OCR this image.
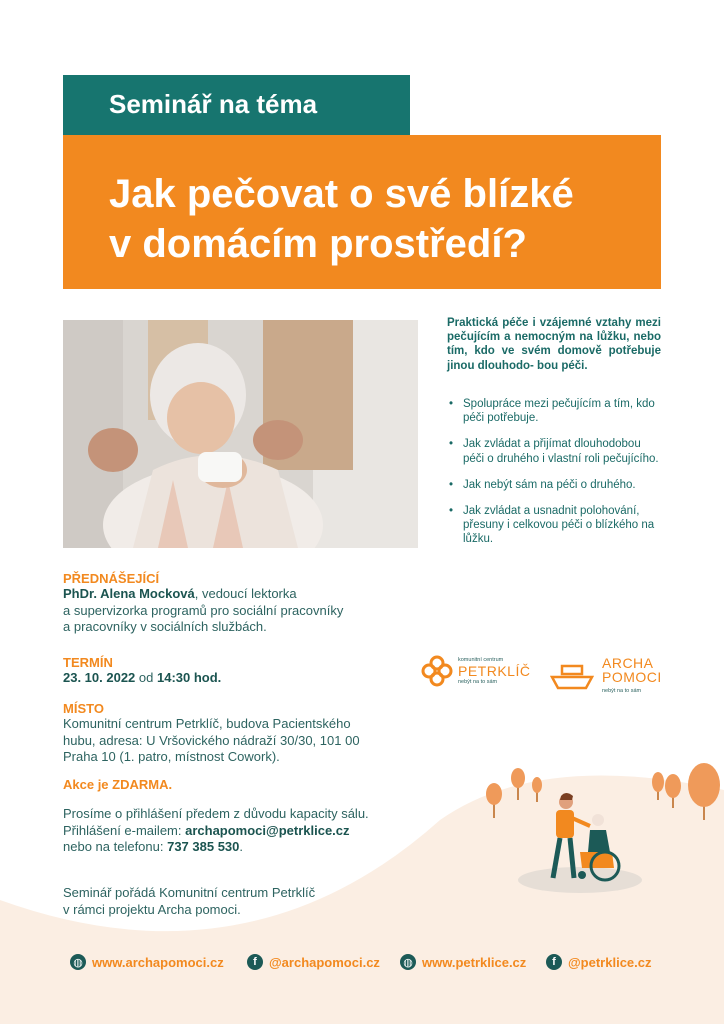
Seminář na téma
Jak pečovat o své blízké
v domácím prostředí?
Praktická péče i vzájemné vztahy mezi pečujícím a nemocným na lůžku, nebo tím, kdo ve svém domově potřebuje jinou dlouhodo- bou péči.
• Spolupráce mezi pečujícím a tím, kdo péči potřebuje.
• Jak zvládat a přijímat dlouhodobou péči o druhého i vlastní roli pečujícího.
• Jak nebýt sám na péči o druhého.
• Jak zvládat a usnadnit polohování, přesuny i celkovou péči o blízkého na lůžku.
PŘEDNÁŠEJÍCÍ
PhDr. Alena Mocková, vedoucí lektorka
a supervizorka programů pro sociální pracovníky
a pracovníky v sociálních službách.
TERMÍN
23. 10. 2022 od 14:30 hod.
MÍSTO
Komunitní centrum Petrklíč, budova Pacientského
hubu, adresa: U Vršovického nádraží 30/30, 101 00
Praha 10 (1. patro, místnost Cowork).
Akce je ZDARMA.
Prosíme o přihlášení předem z důvodu kapacity sálu.
Přihlášení e-mailem: archapomoci@petrklice.cz
nebo na telefonu: 737 385 530.
Seminář pořádá Komunitní centrum Petrklíč
v rámci projektu Archa pomoci.
komunitní centrum
PETRKLÍČ
nebýt na to sám
ARCHA
POMOCI
nebýt na to sám
◍ www.archapomoci.cz	f @archapomoci.cz ◍ www.petrklice.cz	f @petrklice.cz
